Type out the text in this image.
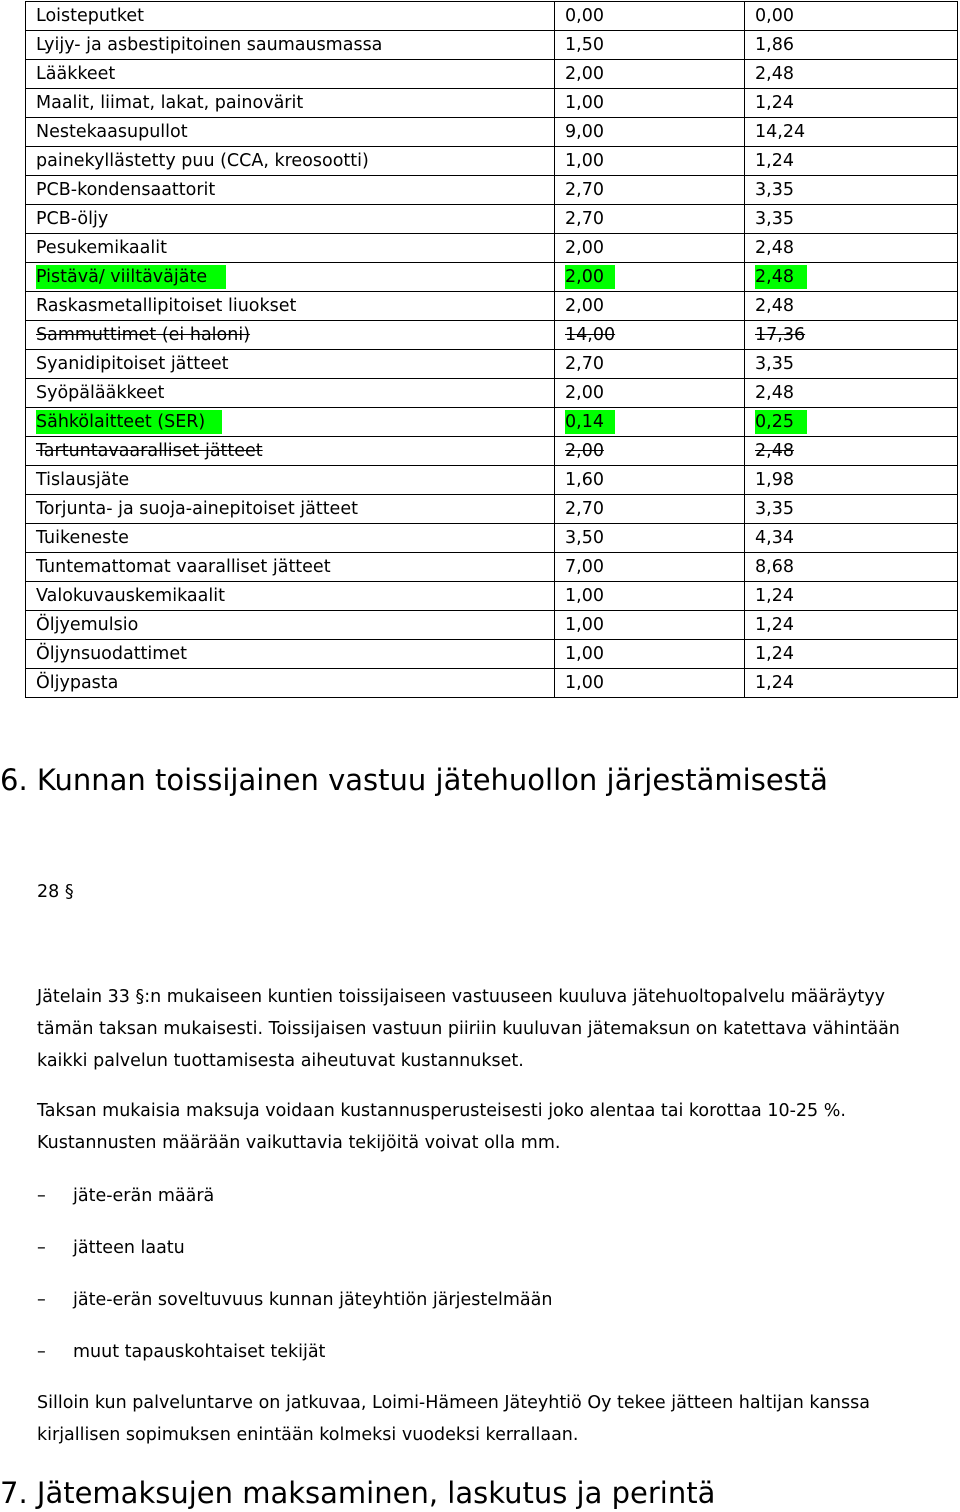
Loisteputket	0,00	0,00
Lyijy- ja asbestipitoinen saumausmassa	1,50	1,86
Lääkkeet	2,00	2,48
Maalit, liimat, lakat, painovärit	1,00	1,24
Nestekaasupullot	9,00	14,24
painekyllästetty puu (CCA, kreosootti)	1,00	1,24
PCB-kondensaattorit	2,70	3,35
PCB-öljy	2,70	3,35
Pesukemikaalit	2,00	2,48
Pistävä/ viiltäväjäte	2,00	2,48
Raskasmetallipitoiset liuokset	2,00	2,48
Sammuttimet (ei haloni)	14,00	17,36
Syanidipitoiset jätteet	2,70	3,35
Syöpälääkkeet	2,00	2,48
Sähkölaitteet (SER)	0,14	0,25
Tartuntavaaralliset jätteet	2,00	2,48
Tislausjäte	1,60	1,98
Torjunta- ja suoja-ainepitoiset jätteet	2,70	3,35
Tuikeneste	3,50	4,34
Tuntemattomat vaaralliset jätteet	7,00	8,68
Valokuvauskemikaalit	1,00	1,24
Öljyemulsio	1,00	1,24
Öljynsuodattimet	1,00	1,24
Öljypasta	1,00	1,24
6. Kunnan toissijainen vastuu jätehuollon järjestämisestä

28 §

Jätelain 33 §:n mukaiseen kuntien toissijaiseen vastuuseen kuuluva jätehuoltopalvelu määräytyy

tämän taksan mukaisesti. Toissijaisen vastuun piiriin kuuluvan jätemaksun on katettava vähintään

kaikki palvelun tuottamisesta aiheutuvat kustannukset.

Taksan mukaisia maksuja voidaan kustannusperusteisesti joko alentaa tai korottaa 10-25 %.

Kustannusten määrään vaikuttavia tekijöitä voivat olla mm.

– jäte-erän määrä
– jätteen laatu
– jäte-erän soveltuvuus kunnan jäteyhtiön järjestelmään
– muut tapauskohtaiset tekijät

Silloin kun palveluntarve on jatkuvaa, Loimi-Hämeen Jäteyhtiö Oy tekee jätteen haltijan kanssa

kirjallisen sopimuksen enintään kolmeksi vuodeksi kerrallaan.

7. Jätemaksujen maksaminen, laskutus ja perintä
